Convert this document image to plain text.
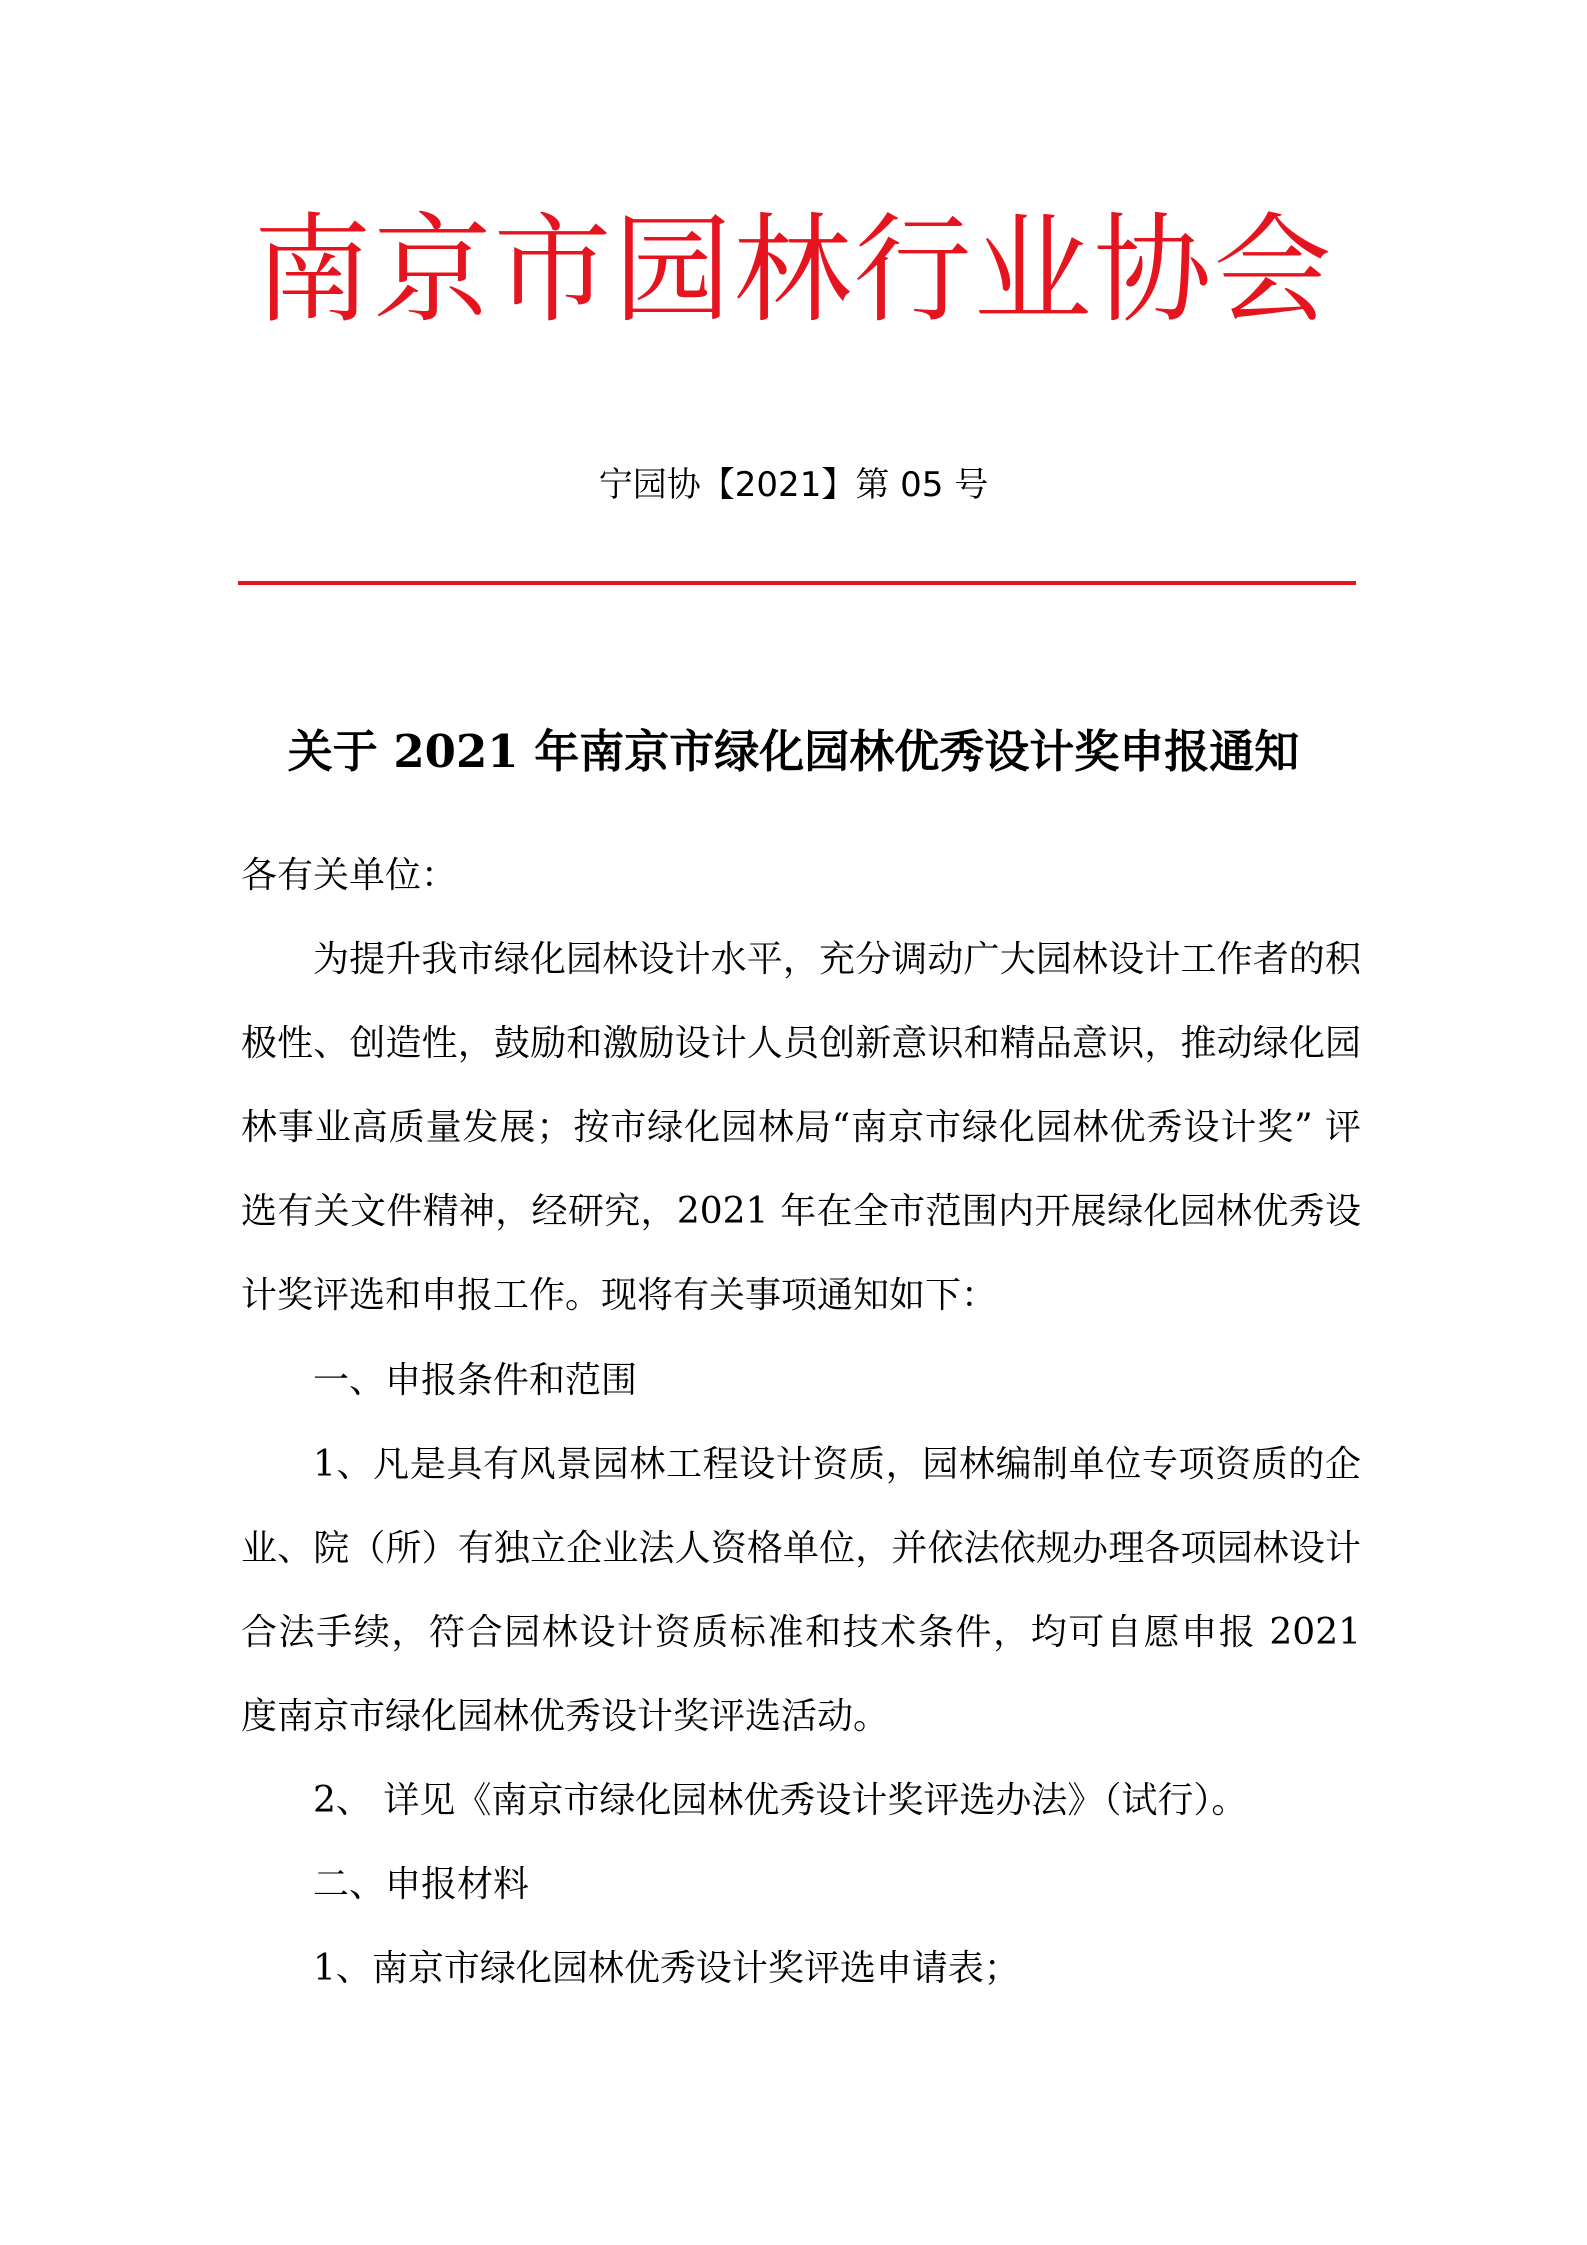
南京市园林行业协会
宁园协【2021】第 05 号
关于 2021 年南京市绿化园林优秀设计奖申报通知
各有关单位：

为提升我市绿化园林设计水平，充分调动广大园林设计工作者的积极性、创造性，鼓励和激励设计人员创新意识和精品意识，推动绿化园林事业高质量发展；按市绿化园林局“南京市绿化园林优秀设计奖” 评选有关文件精神，经研究，2021 年在全市范围内开展绿化园林优秀设计奖评选和申报工作。现将有关事项通知如下：

一、申报条件和范围

1、凡是具有风景园林工程设计资质，园林编制单位专项资质的企业、院（所）有独立企业法人资格单位，并依法依规办理各项园林设计合法手续，符合园林设计资质标准和技术条件，均可自愿申报 2021 度南京市绿化园林优秀设计奖评选活动。

2、 详见《南京市绿化园林优秀设计奖评选办法》（试行）。

二、申报材料

1、南京市绿化园林优秀设计奖评选申请表；
